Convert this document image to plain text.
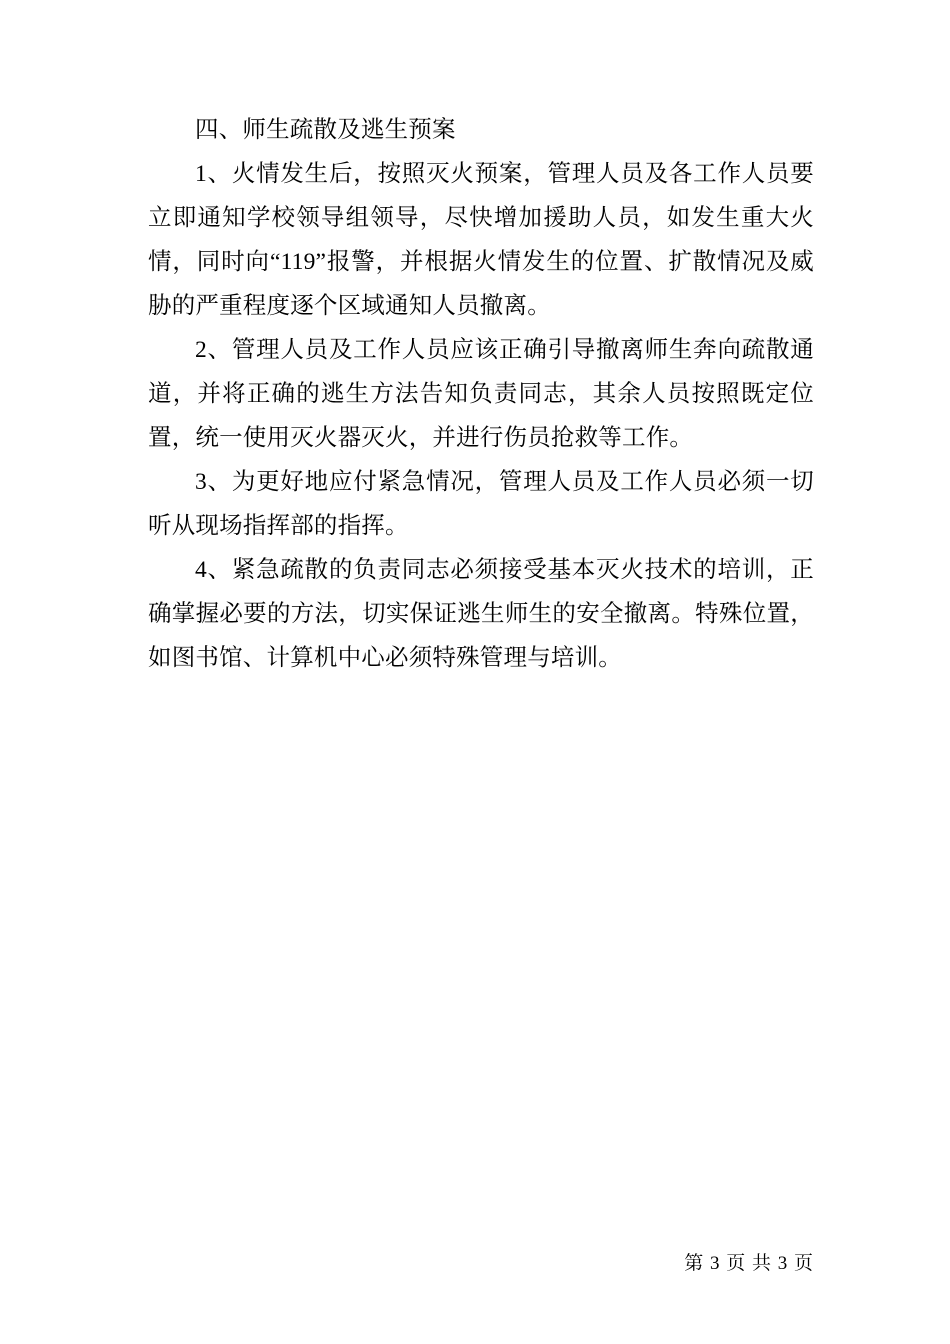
四、师生疏散及逃生预案

1、火情发生后，按照灭火预案，管理人员及各工作人员要立即通知学校领导组领导，尽快增加援助人员，如发生重大火情，同时向“119”报警，并根据火情发生的位置、扩散情况及威胁的严重程度逐个区域通知人员撤离。

2、管理人员及工作人员应该正确引导撤离师生奔向疏散通道，并将正确的逃生方法告知负责同志，其余人员按照既定位置，统一使用灭火器灭火，并进行伤员抢救等工作。

3、为更好地应付紧急情况，管理人员及工作人员必须一切听从现场指挥部的指挥。

4、紧急疏散的负责同志必须接受基本灭火技术的培训，正确掌握必要的方法，切实保证逃生师生的安全撤离。特殊位置，如图书馆、计算机中心必须特殊管理与培训。

第 3 页 共 3 页
